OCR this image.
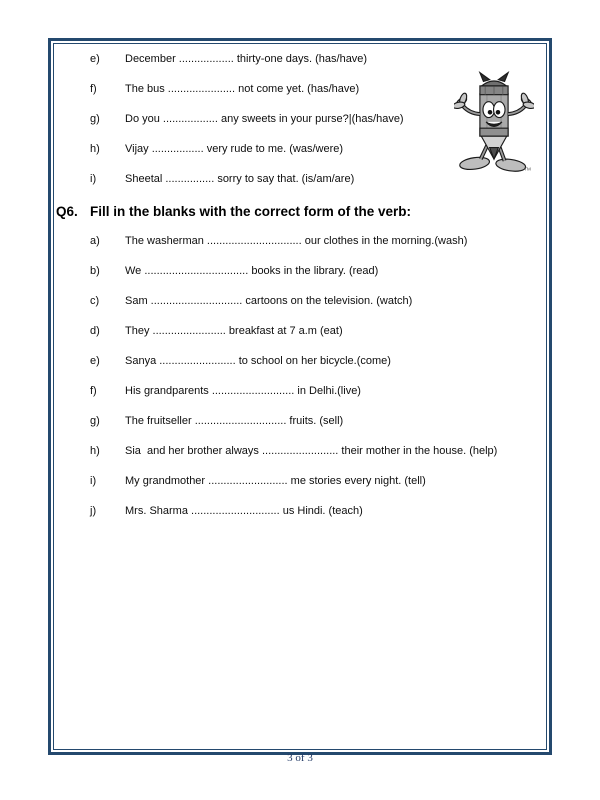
e)	December .................. thirty-one days. (has/have)
f)	The bus ...................... not come yet. (has/have)
g)	Do you .................. any sweets in your purse?|(has/have)
h)	Vijay ................. very rude to me. (was/were)
i)	Sheetal ................ sorry to say that. (is/am/are)
Q6. Fill in the blanks with the correct form of the verb:
a)	The washerman ............................... our clothes in the morning.(wash)
b)	We .................................. books in the library. (read)
c)	Sam .............................. cartoons on the television. (watch)
d)	They ........................ breakfast at 7 a.m (eat)
e)	Sanya ......................... to school on her bicycle.(come)
f)	His grandparents ........................... in Delhi.(live)
g)	The fruitseller .............................. fruits. (sell)
h)	Sia  and her brother always ......................... their mother in the house. (help)
i)	My grandmother .......................... me stories every night. (tell)
j)	Mrs. Sharma ............................. us Hindi. (teach)
TM
3 of 3
